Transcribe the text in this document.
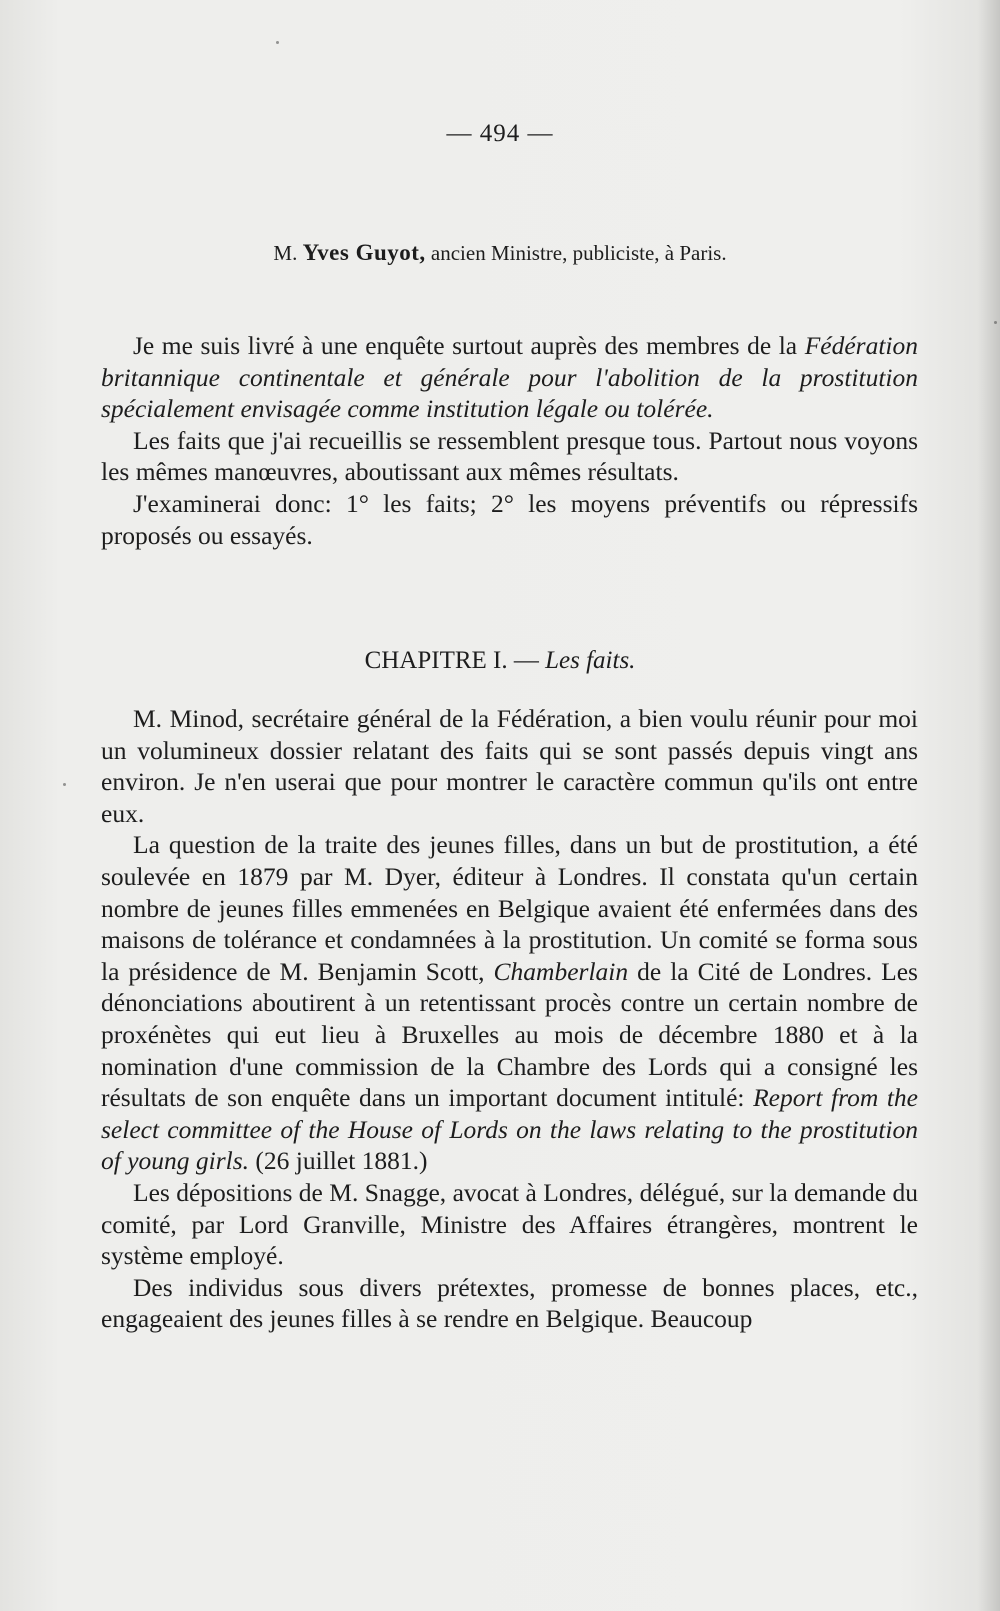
— 494 —
M. Yves Guyot, ancien Ministre, publiciste, à Paris.

Je me suis livré à une enquête surtout auprès des membres de la Fédération britannique continentale et générale pour l'abolition de la prostitution spécialement envisagée comme institution légale ou tolérée.

Les faits que j'ai recueillis se ressemblent presque tous. Partout nous voyons les mêmes manœuvres, aboutissant aux mêmes résultats.

J'examinerai donc: 1° les faits; 2° les moyens préventifs ou répressifs proposés ou essayés.

CHAPITRE I. — Les faits.

M. Minod, secrétaire général de la Fédération, a bien voulu réunir pour moi un volumineux dossier relatant des faits qui se sont passés depuis vingt ans environ. Je n'en userai que pour montrer le caractère commun qu'ils ont entre eux.

La question de la traite des jeunes filles, dans un but de prostitution, a été soulevée en 1879 par M. Dyer, éditeur à Londres. Il constata qu'un certain nombre de jeunes filles emmenées en Belgique avaient été enfermées dans des maisons de tolérance et condamnées à la prostitution. Un comité se forma sous la présidence de M. Benjamin Scott, Chamberlain de la Cité de Londres. Les dénonciations aboutirent à un retentissant procès contre un certain nombre de proxénètes qui eut lieu à Bruxelles au mois de décembre 1880 et à la nomination d'une commission de la Chambre des Lords qui a consigné les résultats de son enquête dans un important document intitulé: Report from the select committee of the House of Lords on the laws relating to the prostitution of young girls. (26 juillet 1881.)

Les dépositions de M. Snagge, avocat à Londres, délégué, sur la demande du comité, par Lord Granville, Ministre des Affaires étrangères, montrent le système employé.

Des individus sous divers prétextes, promesse de bonnes places, etc., engageaient des jeunes filles à se rendre en Belgique. Beaucoup
